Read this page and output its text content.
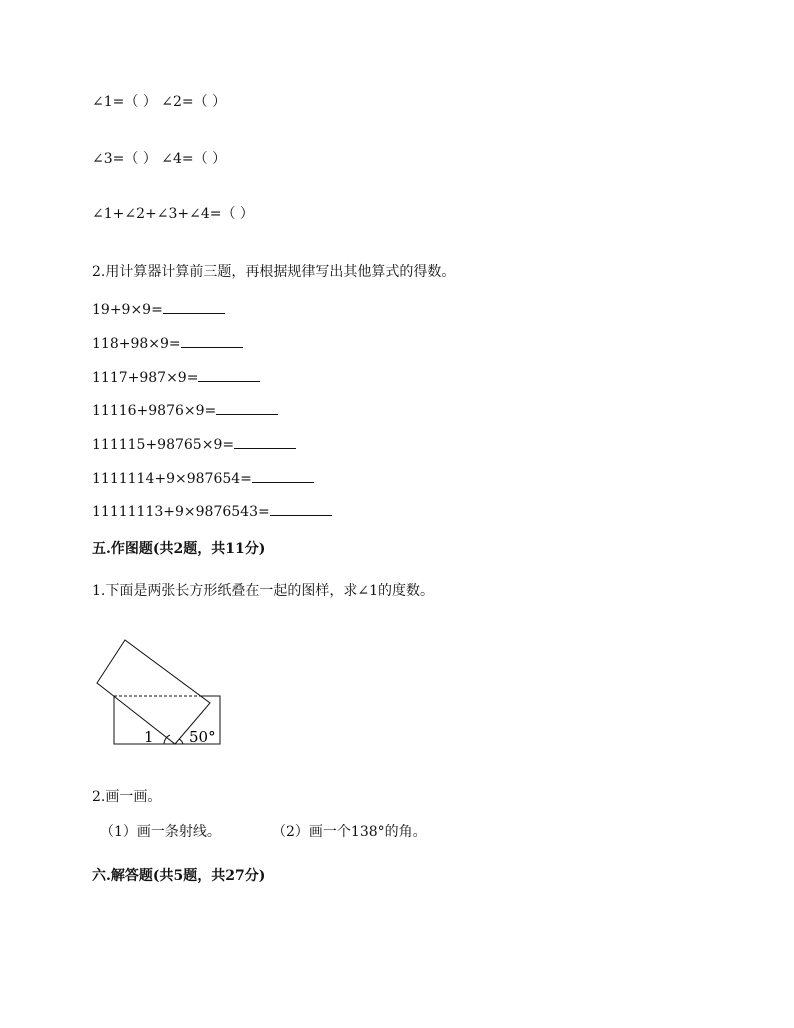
∠1=（ ） ∠2=（ ）
∠3=（ ） ∠4=（ ）
∠1+∠2+∠3+∠4=（ ）
2.用计算器计算前三题，再根据规律写出其他算式的得数。
19+9×9=
118+98×9=
1117+987×9=
11116+9876×9=
111115+98765×9=
1111114+9×987654=
11111113+9×9876543=
五.作图题(共2题，共11分)
1.下面是两张长方形纸叠在一起的图样，求∠1的度数。
1 50°
2.画一画。
（1）画一条射线。	（2）画一个138°的角。
六.解答题(共5题，共27分)
